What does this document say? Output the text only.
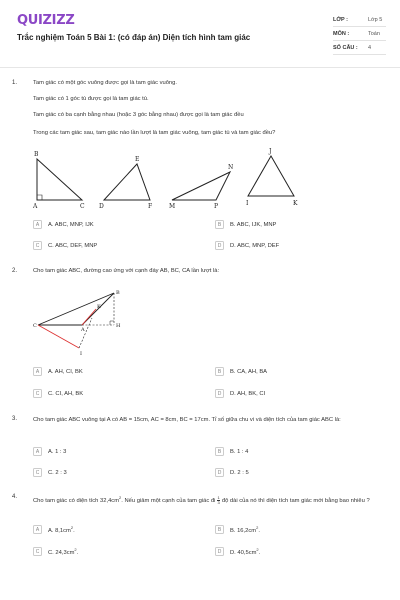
QUIZIZZ
Trắc nghiệm Toán 5 Bài 1: (có đáp án) Diện tích hình tam giác
LỚP :	Lớp 5
MÔN :	Toán
SỐ CÂU : 4
1.	Tam giác có một góc vuông được gọi là tam giác vuông.
Tam giác có 1 góc tù được gọi là tam giác tù.
Tam giác có ba cạnh bằng nhau (hoặc 3 góc bằng nhau) được gọi là tam giác đều
Trong các tam giác sau, tam giác nào lần lượt là tam giác vuông, tam giác tù và tam giác đều?
B
A	C
E
D	F
N
M	P
J
I	K
A	A. ABC, MNP, IJK	B	B. ABC, IJK, MNP
C	C. ABC, DEF, MNP	D	D. ABC, MNP, DEF
2.	Cho tam giác ABC, đường cao ứng với cạnh đáy AB, BC, CA lần lượt là:
B
H
C
A
K
I
A	A. AH, CI, BK	B	B. CA, AH, BA
C	C. CI, AH, BK	D	D. AH, BK, CI
3.	Cho tam giác ABC vuông tại A có AB = 15cm, AC = 8cm, BC = 17cm. Tỉ số giữa chu vi và diện tích của tam giác ABC là:
A	A. 1 : 3	B	B. 1 : 4
C	C. 2 : 3	D	D. 2 : 5
4.
Cho tam giác có diện tích $32,4cm^2$. Nếu giảm một cạnh của tam giác đi $\frac{1}{3}$ độ dài của nó thì diện tích tam giác mới bằng bao nhiêu ?
A	A. $8,1cm^2$.	B	B. $16,2cm^2$.
C	C. $24,3cm^2$.	D	D. $40,5cm^2$.
